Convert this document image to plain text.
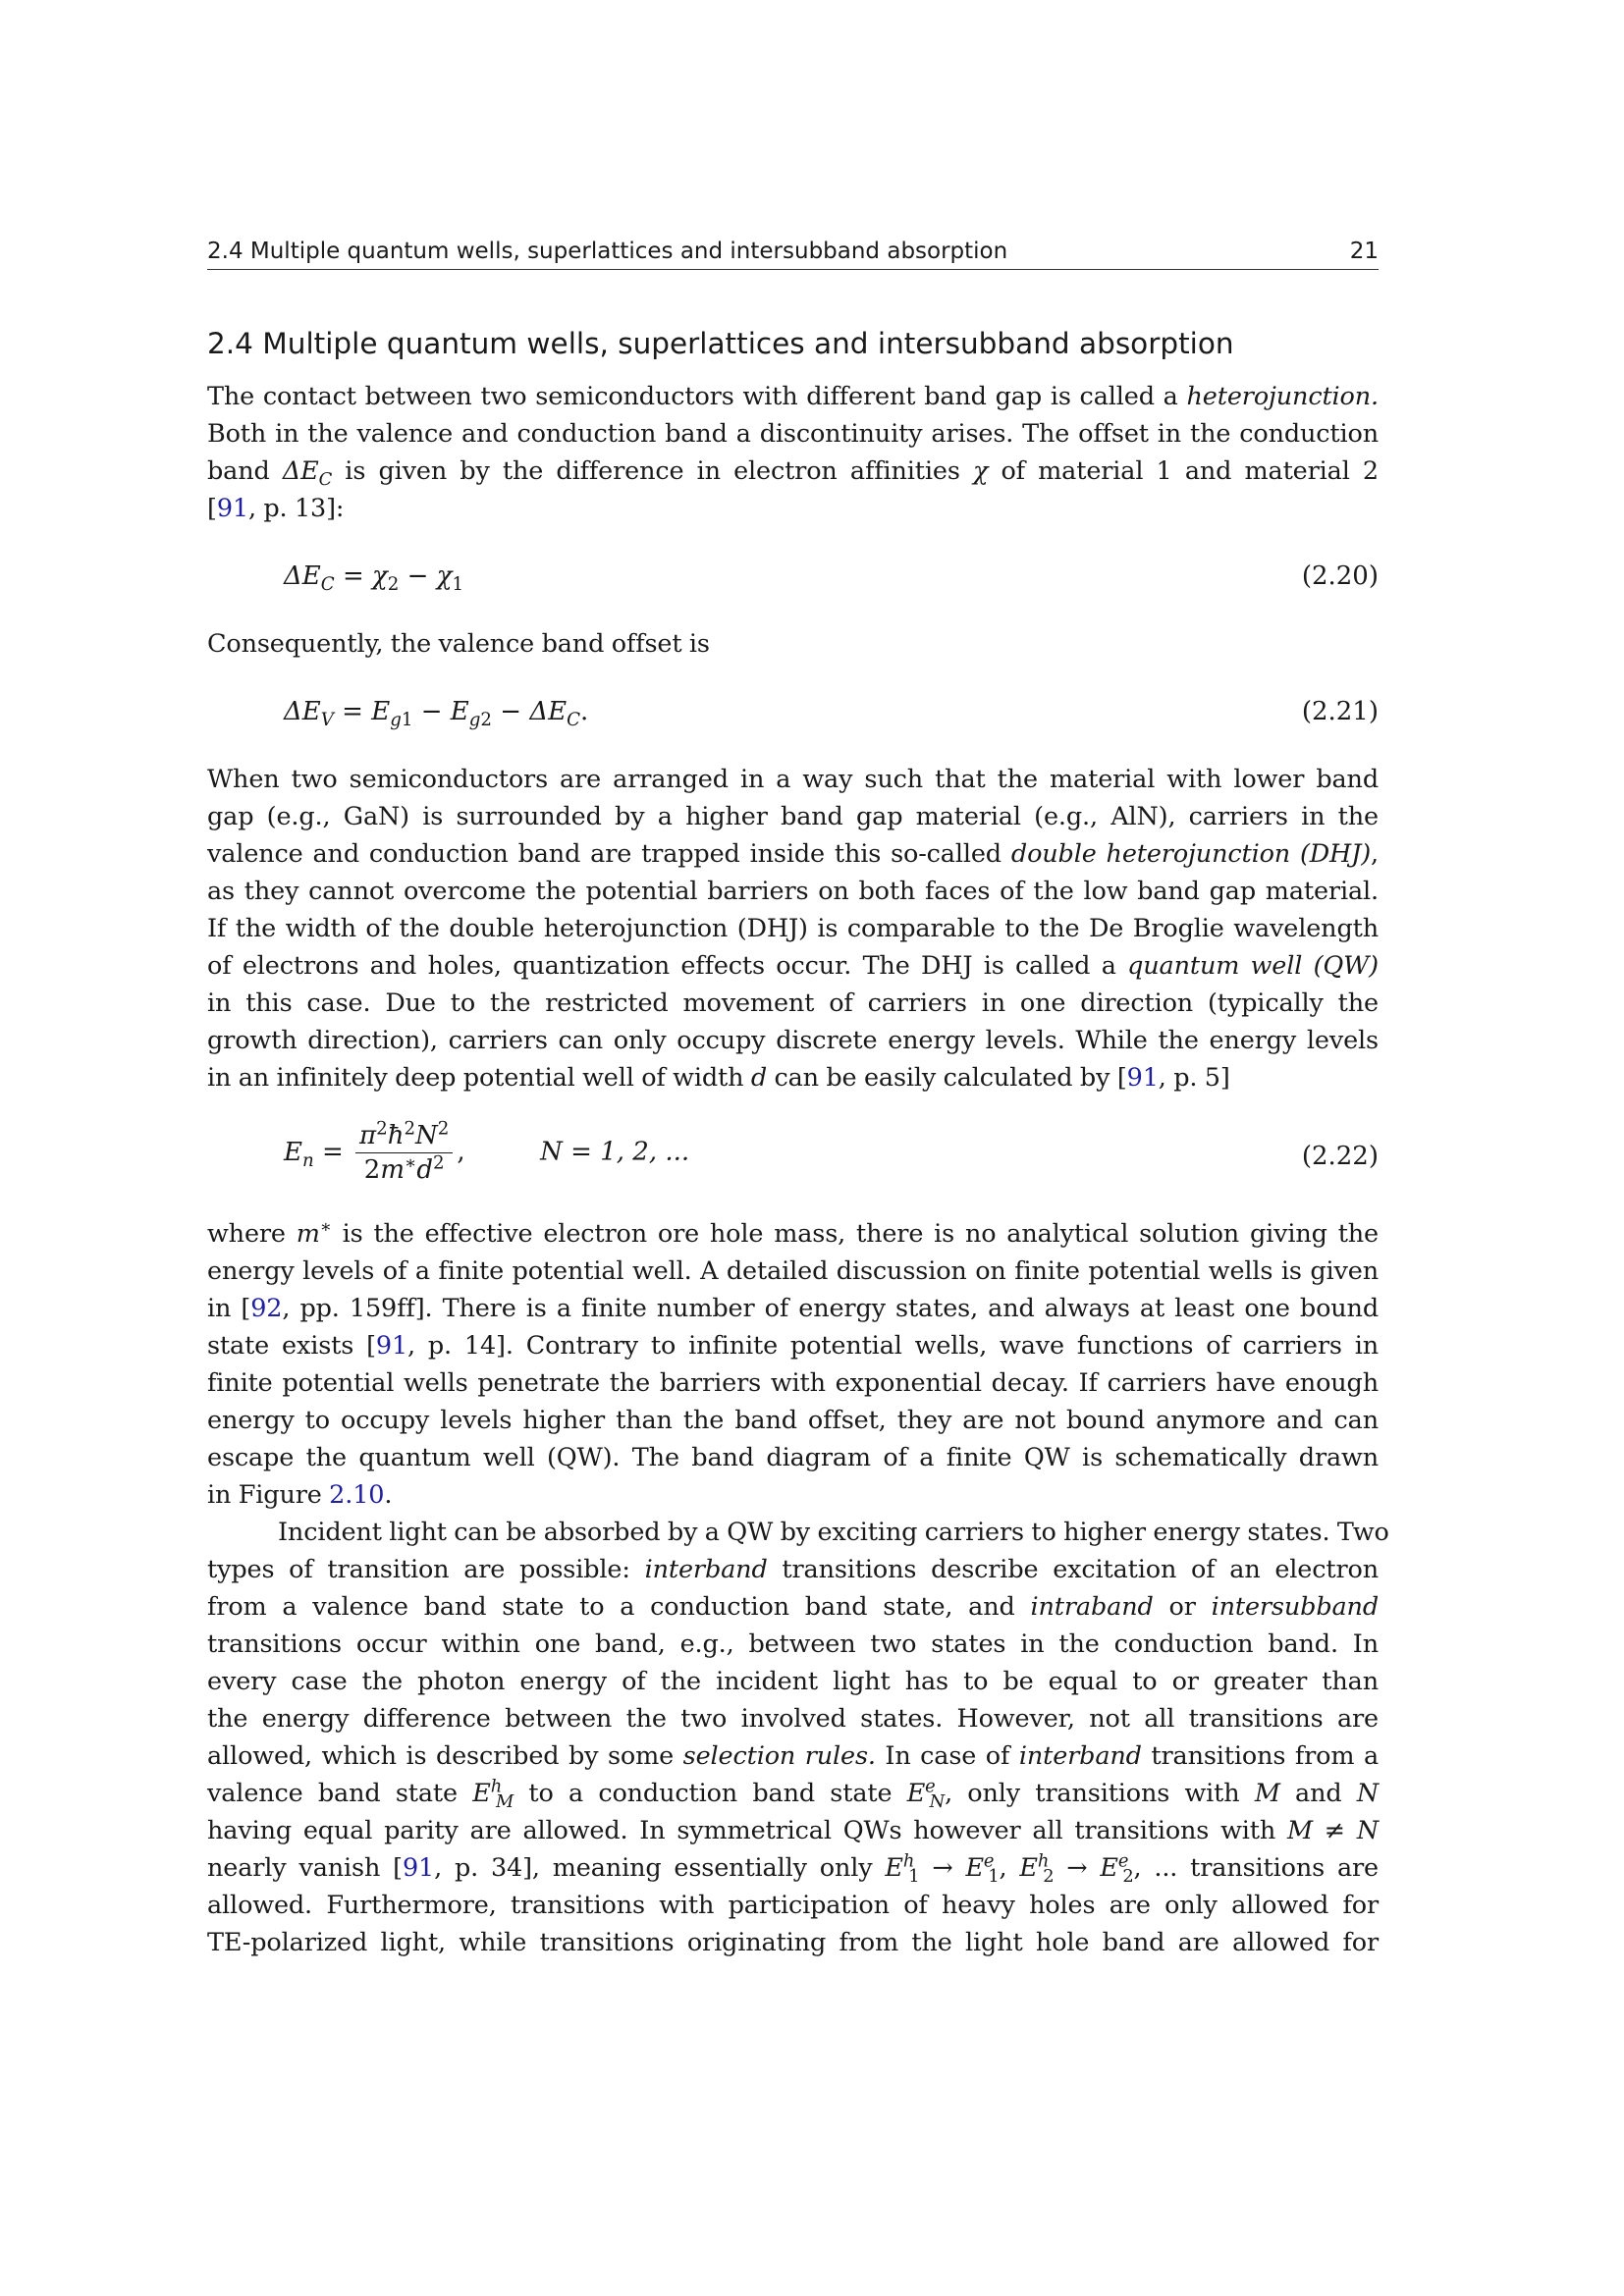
2.4 Multiple quantum wells, superlattices and intersubband absorption	21
2.4 Multiple quantum wells, superlattices and intersubband absorption
The contact between two semiconductors with different band gap is called a heterojunction.
Both in the valence and conduction band a discontinuity arises. The offset in the conduction
band $\Delta E_C$ is given by the difference in electron affinities χ of material 1 and material 2
[91, p. 13]:
$\Delta E_C = \chi_2 - \chi_1$	(2.20)
Consequently, the valence band offset is
$\Delta E_V = E_{g1} - E_{g2} - \Delta E_C$.	(2.21)
When two semiconductors are arranged in a way such that the material with lower band
gap (e.g., GaN) is surrounded by a higher band gap material (e.g., AlN), carriers in the
valence and conduction band are trapped inside this so-called double heterojunction (DHJ),
as they cannot overcome the potential barriers on both faces of the low band gap material.
If the width of the double heterojunction (DHJ) is comparable to the De Broglie wavelength
of electrons and holes, quantization effects occur. The DHJ is called a quantum well (QW)
in this case. Due to the restricted movement of carriers in one direction (typically the
growth direction), carriers can only occupy discrete energy levels. While the energy levels
in an infinitely deep potential well of width d can be easily calculated by [91, p. 5]
$E_n = \frac{\pi^2ħ^2N^2}{2m^∗d^2}$ ,	N = 1, 2, ...	(2.22)
where m∗ is the effective electron ore hole mass, there is no analytical solution giving the
energy levels of a finite potential well. A detailed discussion on finite potential wells is given
in [92, pp. 159ff]. There is a finite number of energy states, and always at least one bound
state exists [91, p. 14]. Contrary to infinite potential wells, wave functions of carriers in
finite potential wells penetrate the barriers with exponential decay. If carriers have enough
energy to occupy levels higher than the band offset, they are not bound anymore and can
escape the quantum well (QW). The band diagram of a finite QW is schematically drawn
in Figure 2.10.
Incident light can be absorbed by a QW by exciting carriers to higher energy states. Two
types of transition are possible: interband transitions describe excitation of an electron
from a valence band state to a conduction band state, and intraband or intersubband
transitions occur within one band, e.g., between two states in the conduction band. In
every case the photon energy of the incident light has to be equal to or greater than
the energy difference between the two involved states. However, not all transitions are
allowed, which is described by some selection rules. In case of interband transitions from a
valence band state $E^h_M$ to a conduction band state $E^e_N$, only transitions with M and N
having equal parity are allowed. In symmetrical QWs however all transitions with M ≠ N
nearly vanish [91, p. 34], meaning essentially only $E^h_1 \to E^e_1$, $E^h_2 \to E^e_2$, ... transitions are
allowed. Furthermore, transitions with participation of heavy holes are only allowed for
TE-polarized light, while transitions originating from the light hole band are allowed for
